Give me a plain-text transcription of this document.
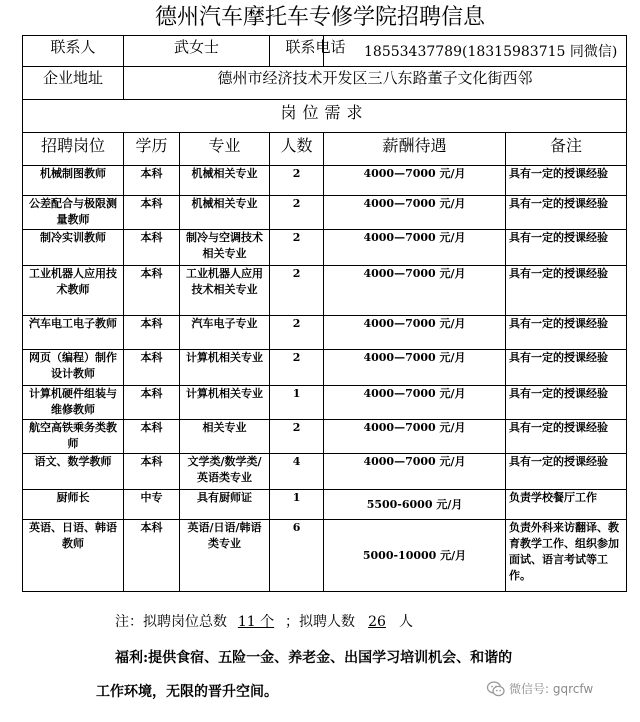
德州汽车摩托车专修学院招聘信息
联系人	武女士		联系电话	18553437789(18315983715 同微信)	
企业地址	德州市经济技术开发区三八东路董子文化街西邻				
岗位需求					
招聘岗位	学历	专业	人数	薪酬待遇	备注
机械制图教师	本科	机械相关专业	2	4000—7000 元/月	具有一定的授课经验
公差配合与极限测量教师	本科	机械相关专业	2	4000—7000 元/月	具有一定的授课经验
制冷实训教师	本科	制冷与空调技术相关专业	2	4000—7000 元/月	具有一定的授课经验
工业机器人应用技术教师	本科	工业机器人应用技术相关专业	2	4000—7000 元/月	具有一定的授课经验
汽车电工电子教师	本科	汽车电子专业	2	4000—7000 元/月	具有一定的授课经验
网页（编程）制作设计教师	本科	计算机相关专业	2	4000—7000 元/月	具有一定的授课经验
计算机硬件组装与维修教师	本科	计算机相关专业	1	4000—7000 元/月	具有一定的授课经验
航空高铁乘务类教师	本科	相关专业	2	4000—7000 元/月	具有一定的授课经验
语文、数学教师	本科	文学类/数学类/英语类专业	4	4000—7000 元/月	具有一定的授课经验
厨师长	中专	具有厨师证	1	5500-6000 元/月	负责学校餐厅工作
英语、日语、韩语教师	本科	英语/日语/韩语类专业	6	5000-10000 元/月	负责外科来访翻译、教育教学工作、组织参加面试、语言考试等工作。
注：拟聘岗位总数 11 个 ；拟聘人数 26 人
福利:提供食宿、五险一金、养老金、出国学习培训机会、和谐的
工作环境，无限的晋升空间。	微信号: gqrcfw
